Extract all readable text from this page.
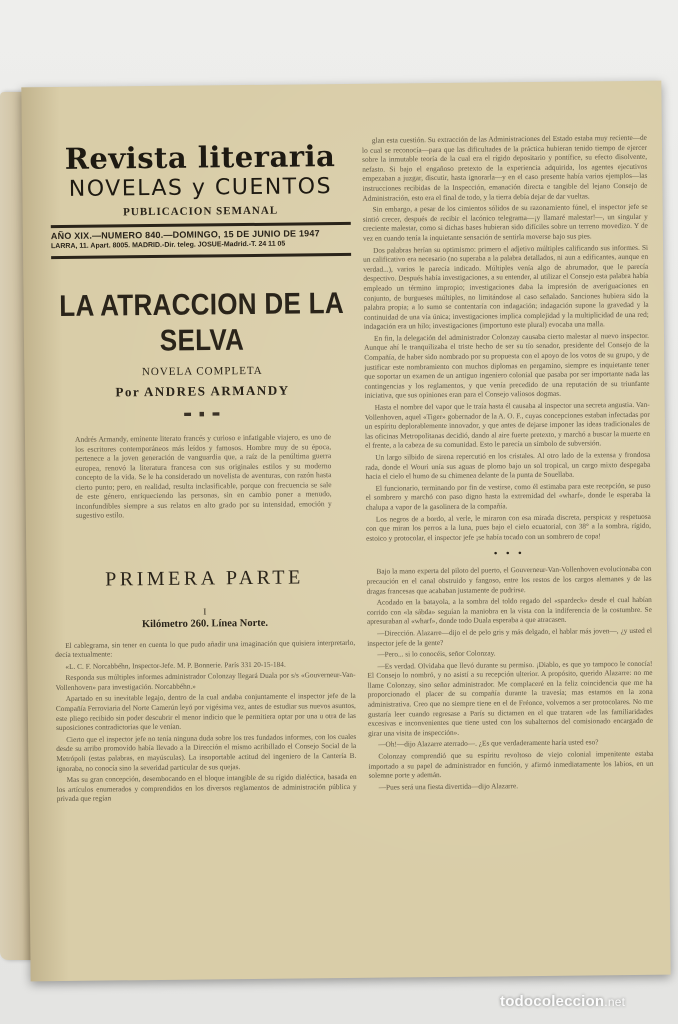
Revista literaria
NOVELAS y CUENTOS
PUBLICACION SEMANAL
AÑO XIX.—NUMERO 840.—DOMINGO, 15 DE JUNIO DE 1947
LARRA, 11. Apart. 8005. MADRID.-Dir. teleg. JOSUE-Madrid.-T. 24 11 05
LA ATRACCION DE LA SELVA
NOVELA COMPLETA
Por ANDRES ARMANDY
▬ ▪ ▬
Andrés Armandy, eminente literato francés y curioso e infatigable viajero, es uno de los escritores contemporáneos más leídos y famosos. Hombre muy de su época, pertenece a la joven generación de vanguardia que, a raíz de la penúltima guerra europea, renovó la literatura francesa con sus originales estilos y su moderno concepto de la vida. Se le ha considerado un novelista de aventuras, con razón hasta cierto punto; pero, en realidad, resulta inclasificable, porque con frecuencia se sale de este género, enriqueciendo las personas, sin en cambio poner a menudo, inconfundibles siempre a sus relatos en alto grado por su intensidad, emoción y sugestivo estilo.
PRIMERA PARTE
I
Kilómetro 260. Línea Norte.

El cablegrama, sin tener en cuenta lo que pudo añadir una imaginación que quisiera interpretarlo, decía textualmente:

«L. C. F. Norcabbéhn, Inspector-Jefe. M. P. Bonnerie. París 331 20-15-184.

Responda sus múltiples informes administrador Colonzay llegará Duala por s/s «Gouverneur-Van-Vollenhoven» para investigación. Norcabbéhn.»

Apartado en su inevitable legajo, dentro de la cual andaba conjuntamente el inspector jefe de la Compañía Ferroviaria del Norte Camerún leyó por vigésima vez, antes de estudiar sus nuevos asuntos, este pliego recibido sin poder descubrir el menor indicio que le permitiera optar por una u otra de las suposiciones contradictorias que le venían.

Cierto que el inspector jefe no tenía ninguna duda sobre los tres fundados informes, con los cuales desde su arribo promovido había llevado a la Dirección el mismo acribillado el Consejo Social de la Metrópoli (estas palabras, en mayúsculas). La insoportable actitud del ingeniero de la Cantería B. ignoraba, no conocía sino la severidad particular de sus quejas.

Mas su gran concepción, desembocando en el bloque intangible de su rígido dialéctica, basada en los artículos enumerados y comprendidos en los diversos reglamentos de administración pública y privada que regían

glan esta cuestión. Su extracción de las Administraciones del Estado estaba muy reciente—de lo cual se reconocía—para que las dificultades de la práctica hubieran tenido tiempo de ejercer sobre la inmutable teoría de la cual era el rígido depositario y pontífice, su efecto disolvente, nefasto. Si bajo el engañoso pretexto de la experiencia adquirida, los agentes ejecutivos empezaban a juzgar, discutir, hasta ignorarla—y en el caso presente había varios ejemplos—las instrucciones recibidas de la Inspección, emanación directa e tangible del lejano Consejo de Administración, esto era el final de todo, y la tierra debía dejar de dar vueltas.

Sin embargo, a pesar de los cimientos sólidos de su razonamiento fúnel, el inspector jefe se sintió crecer, después de recibir el lacónico telegrama—¡y llamaré malestar!—, un singular y creciente malestar, como si dichas bases hubieran sido difíciles sobre un terreno movedizo. Y de vez en cuando tenía la inquietante sensación de sentirla moverse bajo sus pies.

Dos palabras herían su optimismo: primero el adjetivo múltiples calificando sus informes. Si un calificativo era necesario (no superaba a la palabra detallados, ni aun a edificantes, aunque en verdad...), varios le parecía indicado. Múltiples venía algo de abrumador, que le parecía despectivo. Después había investigaciones, a su entender, al utilizar el Consejo esta palabra había empleado un término impropio; investigaciones daba la impresión de averiguaciones en conjunto, de burgueses múltiples, no limitándose al caso señalado. Sanciones hubiera sido la palabra propia; a lo sumo se contentaría con indagación; indagación supone la gravedad y la continuidad de una vía única; investigaciones implica complejidad y la multiplicidad de una red; indagación era un hilo; investigaciones (importuno este plural) evocaba una malla.

En fin, la delegación del administrador Colonzay causaba cierto malestar al nuevo inspector. Aunque ahí le tranquilizaba el triste hecho de ser su tío senador, presidente del Consejo de la Compañía, de haber sido nombrado por su propuesta con el apoyo de los votos de su grupo, y de justificar este nombramiento con muchos diplomas en pergamino, siempre es inquietante tener que soportar un examen de un antiguo ingeniero colonial que pasaba por ser importante nada las contingencias y los reglamentos, y que venía precedido de una reputación de su triunfante iniciativa, que sus opiniones eran para el Consejo valiosos dogmas.

Hasta el nombre del vapor que le traía hasta él causaba al inspector una secreta angustia. Van-Vollenhoven, aquel «Tiger» gobernador de la A. O. F., cuyas concepciones estaban infectadas por un espíritu deplorablemente innovador, y que antes de dejarse imponer las ideas tradicionales de las oficinas Metropolitanas decidió, dando al aire fuerte pretexto, y marchó a buscar la muerte en el frente, a la cabeza de su comunidad. Esto le parecía un símbolo de subversión.

Un largo silbido de sirena repercutió en los cristales. Al otro lado de la extensa y frondosa rada, donde el Wouri unía sus aguas de plomo bajo un sol tropical, un cargo mixto despegaba hacia el cielo el humo de su chimenea delante de la punta de Souellaba.

El funcionario, terminando por fin de vestirse, como él estimaba para este recepción, se puso el sombrero y marchó con paso digno hasta la extremidad del «wharf», donde le esperaba la chalupa a vapor de la gasolinera de la compañía.

Los negros de a bordo, al verle, le miraron con esa mirada discreta, perspicaz y respetuosa con que miran los perros a la luna, pues bajo el cielo ecuatorial, con 38° a la sombra, rígido, estoico y protocolar, el inspector jefe ¡se había tocado con un sombrero de copa!

• • •

Bajo la mano experta del piloto del puerto, el Gouverneur-Van-Vollenhoven evolucionaba con precaución en el canal obstruido y fangoso, entre los restos de los cargos alemanes y de las dragas francesas que acababan justamente de pudrirse.

Acodado en la batayola, a la sombra del toldo regado del «spardeck» desde el cual habían corrido con «la sábda» seguían la maniobra en la vista con la indiferencia de la costumbre. Se apresuraban al «wharf», donde todo Duala esperaba a que atracasen.

—Dirección. Alazarre—dijo el de pelo gris y más delgado, el hablar más joven—, ¿y usted el inspector jefe de la gente?

—Pero... si lo conocéis, señor Colonzay.

—Es verdad. Olvidaba que llevó durante su permiso. ¡Diablo, es que yo tampoco le conocía! El Consejo lo nombró, y no asistí a su recepción ulterior. A propósito, querido Alazarre: no me llame Colonzay, sino señor administrador. Me complaceré en la feliz coincidencia que me ha proporcionado el placer de su compañía durante la travesía; mas estamos en la zona administrativa. Creo que no siempre tiene en el de Fréonce, volvemos a ser protocolares. No me gustaría leer cuando regresase a París su dictamen en el que trataren «de las familiaridades excesivas e inconvenientes que tiene usted con los subalternos del comisionado encargado de girar una visita de inspección».

—Oh!—dijo Alazarre aterrado—. ¿Es que verdaderamente haría usted eso?

Colonzay comprendió que su espíritu revoltoso de viejo colonial impenitente estaba importado a su papel de administrador en función, y afirmó inmediatamente los labios, en un solemne porte y ademán.

—Pues será una fiesta divertida—dijo Alazarre.

todocoleccion.net
